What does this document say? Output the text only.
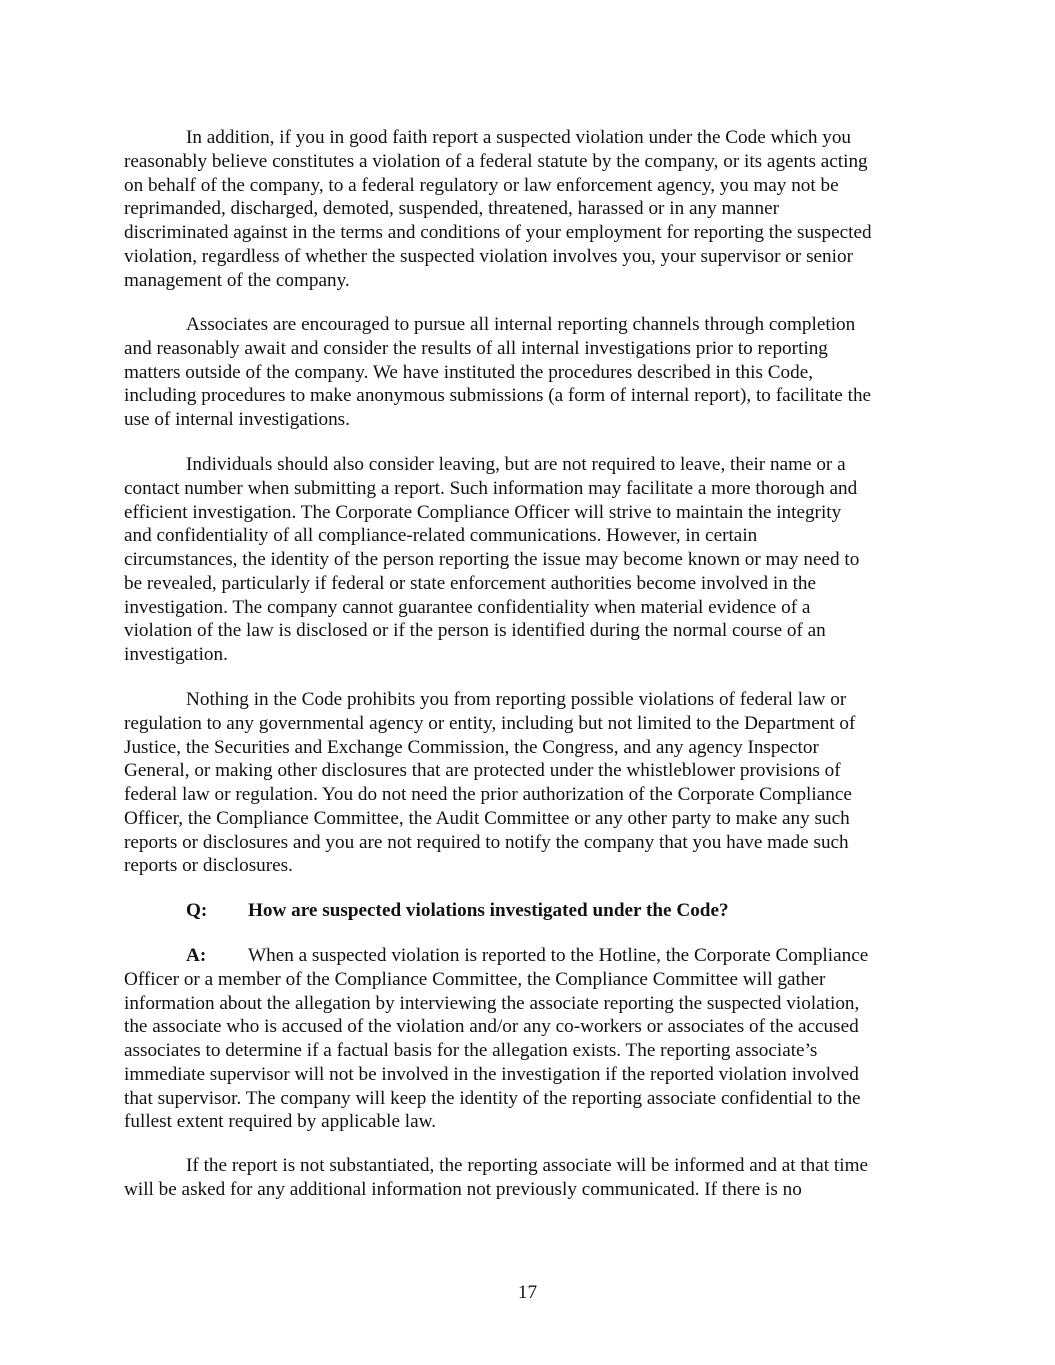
In addition, if you in good faith report a suspected violation under the Code which you
reasonably believe constitutes a violation of a federal statute by the company, or its agents acting
on behalf of the company, to a federal regulatory or law enforcement agency, you may not be
reprimanded, discharged, demoted, suspended, threatened, harassed or in any manner
discriminated against in the terms and conditions of your employment for reporting the suspected
violation, regardless of whether the suspected violation involves you, your supervisor or senior
management of the company.
Associates are encouraged to pursue all internal reporting channels through completion
and reasonably await and consider the results of all internal investigations prior to reporting
matters outside of the company. We have instituted the procedures described in this Code,
including procedures to make anonymous submissions (a form of internal report), to facilitate the
use of internal investigations.
Individuals should also consider leaving, but are not required to leave, their name or a
contact number when submitting a report. Such information may facilitate a more thorough and
efficient investigation. The Corporate Compliance Officer will strive to maintain the integrity
and confidentiality of all compliance-related communications. However, in certain
circumstances, the identity of the person reporting the issue may become known or may need to
be revealed, particularly if federal or state enforcement authorities become involved in the
investigation. The company cannot guarantee confidentiality when material evidence of a
violation of the law is disclosed or if the person is identified during the normal course of an
investigation.
Nothing in the Code prohibits you from reporting possible violations of federal law or
regulation to any governmental agency or entity, including but not limited to the Department of
Justice, the Securities and Exchange Commission, the Congress, and any agency Inspector
General, or making other disclosures that are protected under the whistleblower provisions of
federal law or regulation. You do not need the prior authorization of the Corporate Compliance
Officer, the Compliance Committee, the Audit Committee or any other party to make any such
reports or disclosures and you are not required to notify the company that you have made such
reports or disclosures.
Q: How are suspected violations investigated under the Code?
A: When a suspected violation is reported to the Hotline, the Corporate Compliance
Officer or a member of the Compliance Committee, the Compliance Committee will gather
information about the allegation by interviewing the associate reporting the suspected violation,
the associate who is accused of the violation and/or any co-workers or associates of the accused
associates to determine if a factual basis for the allegation exists. The reporting associate’s
immediate supervisor will not be involved in the investigation if the reported violation involved
that supervisor. The company will keep the identity of the reporting associate confidential to the
fullest extent required by applicable law.
If the report is not substantiated, the reporting associate will be informed and at that time
will be asked for any additional information not previously communicated. If there is no
17
